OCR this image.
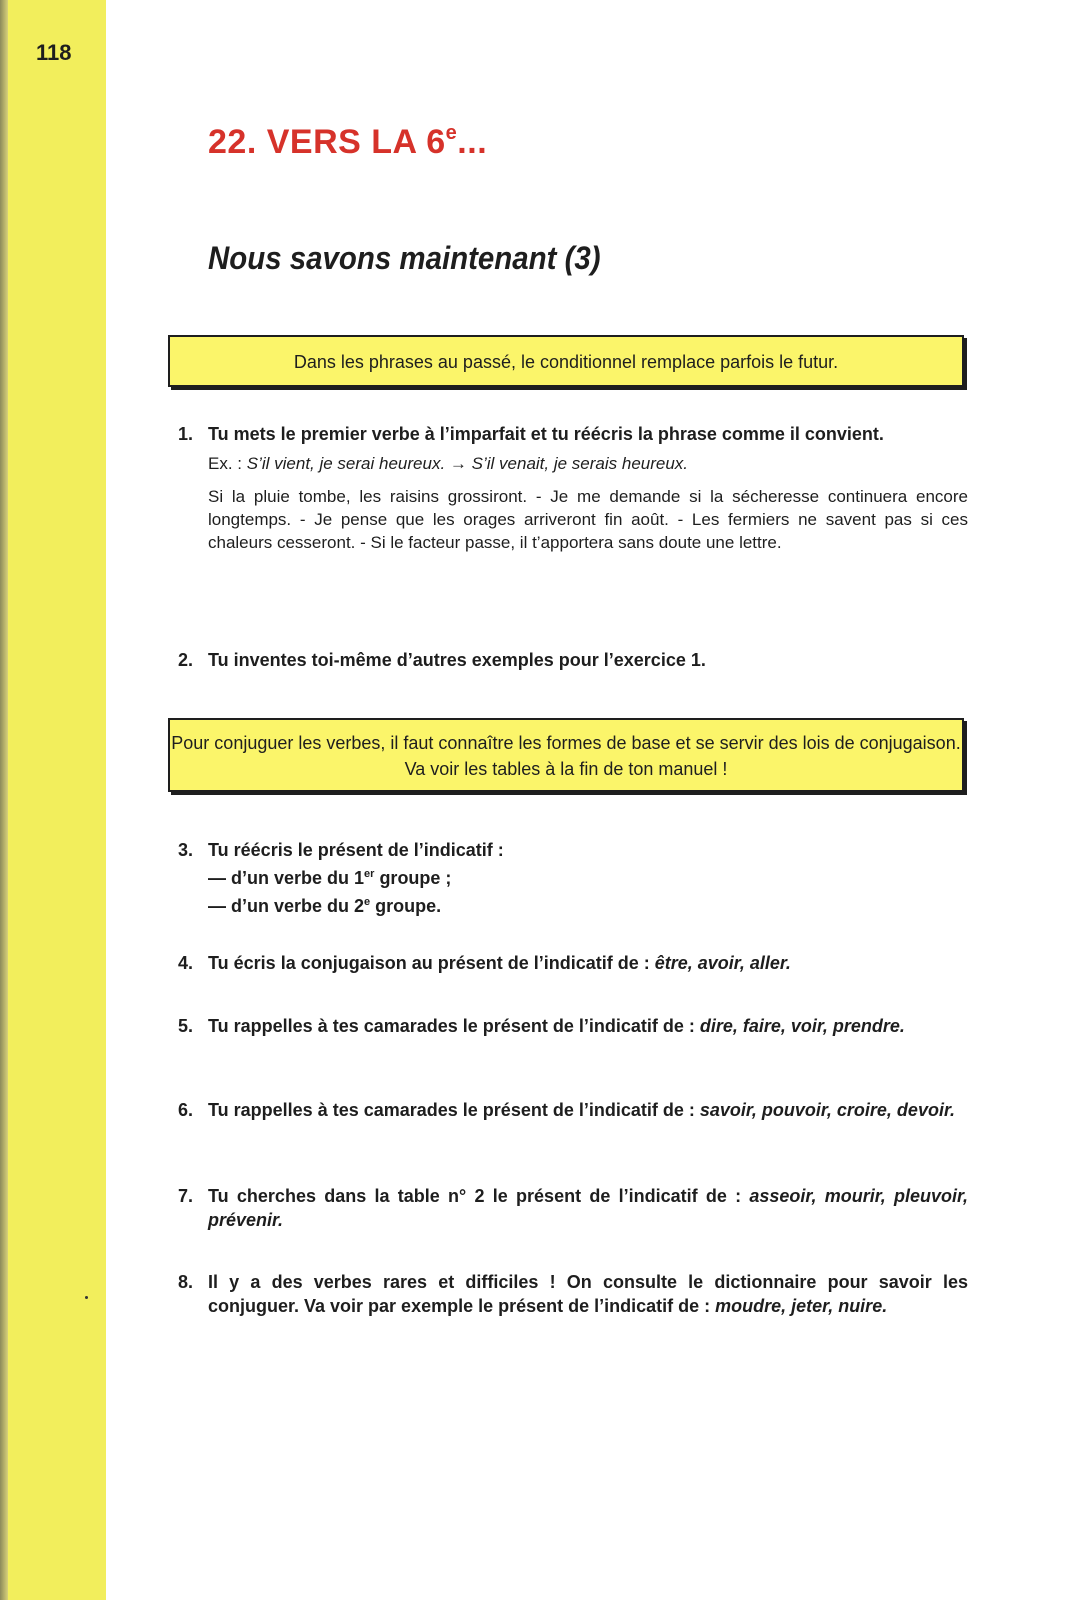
118
22. VERS LA 6e...
Nous savons maintenant (3)
Dans les phrases au passé, le conditionnel remplace parfois le futur.
1. Tu mets le premier verbe à l’imparfait et tu réécris la phrase comme il convient.
Ex. : S’il vient, je serai heureux. → S’il venait, je serais heureux.
Si la pluie tombe, les raisins grossiront. - Je me demande si la sécheresse continuera encore longtemps. - Je pense que les orages arriveront fin août. - Les fermiers ne savent pas si ces chaleurs cesseront. - Si le facteur passe, il t’apportera sans doute une lettre.
2. Tu inventes toi-même d’autres exemples pour l’exercice 1.
Pour conjuguer les verbes, il faut connaître les formes de base et se servir des lois de conjugaison. Va voir les tables à la fin de ton manuel !
3. Tu réécris le présent de l’indicatif :
— d’un verbe du 1er groupe ;
— d’un verbe du 2e groupe.
4. Tu écris la conjugaison au présent de l’indicatif de : être, avoir, aller.
5. Tu rappelles à tes camarades le présent de l’indicatif de : dire, faire, voir, prendre.
6. Tu rappelles à tes camarades le présent de l’indicatif de : savoir, pouvoir, croire, devoir.
7. Tu cherches dans la table n° 2 le présent de l’indicatif de : asseoir, mourir, pleuvoir, prévenir.
8. Il y a des verbes rares et difficiles ! On consulte le dictionnaire pour savoir les conjuguer. Va voir par exemple le présent de l’indicatif de : moudre, jeter, nuire.
